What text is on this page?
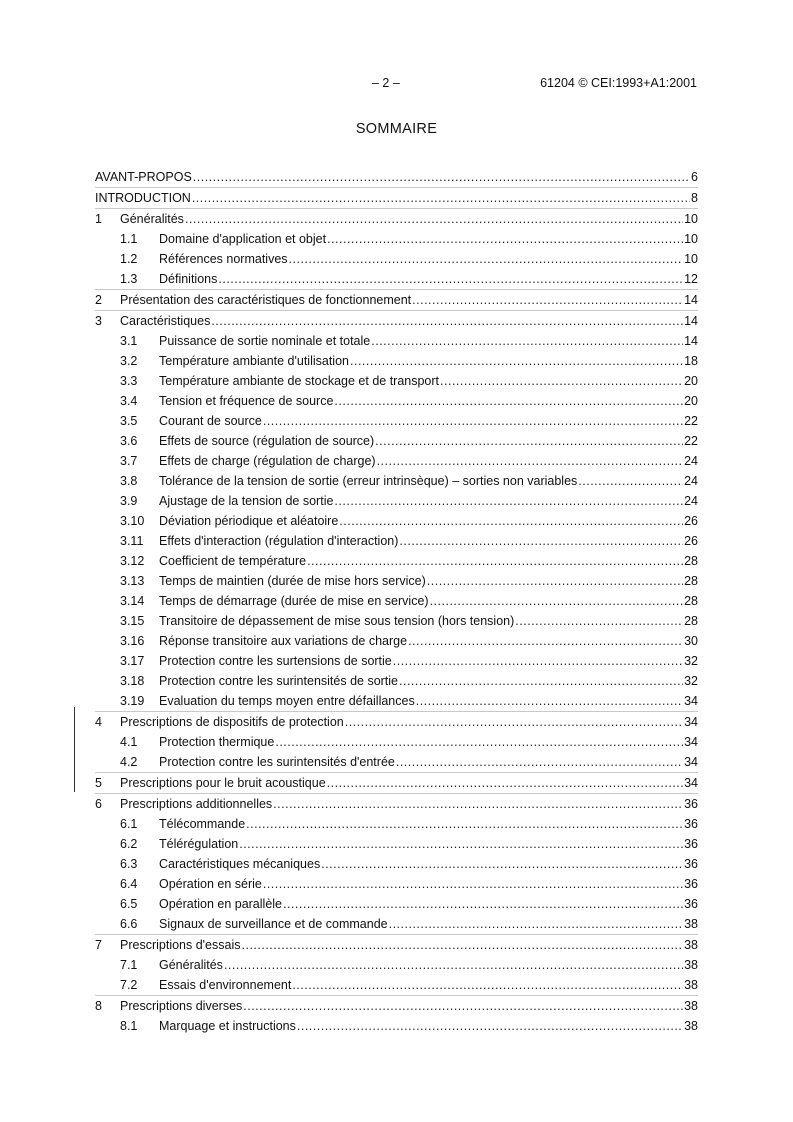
– 2 –	61204 © CEI:1993+A1:2001
SOMMAIRE
AVANT-PROPOS .....	6
INTRODUCTION .....	8
1 Généralités .....	10
1.1 Domaine d'application et objet .....	10
1.2 Références normatives .....	10
1.3 Définitions .....	12
2 Présentation des caractéristiques de fonctionnement .....	14
3 Caractéristiques .....	14
3.1 Puissance de sortie nominale et totale .....	14
3.2 Température ambiante d'utilisation .....	18
3.3 Température ambiante de stockage et de transport .....	20
3.4 Tension et fréquence de source .....	20
3.5 Courant de source .....	22
3.6 Effets de source (régulation de source) .....	22
3.7 Effets de charge (régulation de charge) .....	24
3.8 Tolérance de la tension de sortie (erreur intrinsèque) – sorties non variables .....	24
3.9 Ajustage de la tension de sortie .....	24
3.10 Déviation périodique et aléatoire .....	26
3.11 Effets d'interaction (régulation d'interaction) .....	26
3.12 Coefficient de température .....	28
3.13 Temps de maintien (durée de mise hors service) .....	28
3.14 Temps de démarrage (durée de mise en service) .....	28
3.15 Transitoire de dépassement de mise sous tension (hors tension) .....	28
3.16 Réponse transitoire aux variations de charge .....	30
3.17 Protection contre les surtensions de sortie .....	32
3.18 Protection contre les surintensités de sortie .....	32
3.19 Evaluation du temps moyen entre défaillances .....	34
4 Prescriptions de dispositifs de protection .....	34
4.1 Protection thermique .....	34
4.2 Protection contre les surintensités d'entrée .....	34
5 Prescriptions pour le bruit acoustique .....	34
6 Prescriptions additionnelles .....	36
6.1 Télécommande .....	36
6.2 Télérégulation .....	36
6.3 Caractéristiques mécaniques .....	36
6.4 Opération en série .....	36
6.5 Opération en parallèle .....	36
6.6 Signaux de surveillance et de commande .....	38
7 Prescriptions d'essais .....	38
7.1 Généralités .....	38
7.2 Essais d'environnement .....	38
8 Prescriptions diverses .....	38
8.1 Marquage et instructions .....	38
